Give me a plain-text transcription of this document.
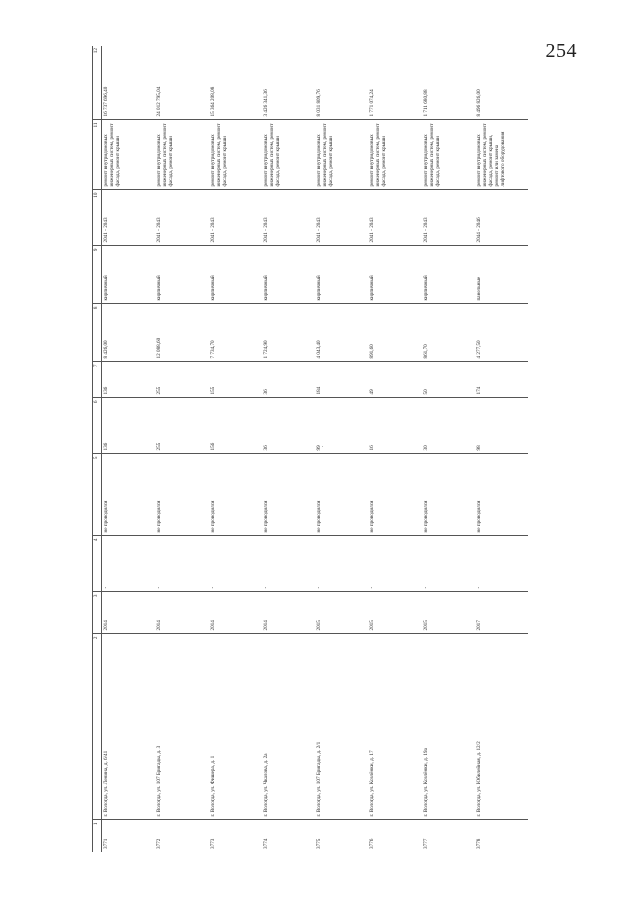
254
1	2	3	4	5	6	7	8	9	10	11	12
3771	г. Вологда, ул. Ленина, д. 6/41	2014	-	не проводился	136	136	8 426,00	кирпичный	2041 - 2043	ремонт внутридомовых инженерных систем, ремонт фасада, ремонт крыши	16 737 696,40
3772	г. Вологда, ул. 107 Бригады, д. 3	2014	-	не проводился	255	255	12 088,60	кирпичный	2041 - 2043	ремонт внутридомовых инженерных систем, ремонт фасада, ремонт крыши	24 012 795,04
3773	г. Вологда, ул. Фишера, д. 1	2014	-	не проводился	156	155	7 734,70	кирпичный	2041 - 2043	ремонт внутридомовых инженерных систем, ремонт фасада, ремонт крыши	15 364 208,08
3774	г. Вологда, ул. Чкалова, д. 2а	2014	-	не проводился	36	36	1 724,90	кирпичный	2041 - 2043	ремонт внутридомовых инженерных систем, ремонт фасада, ремонт крыши	3 426 341,36
3775	г. Вологда, ул. 107 Бригады, д. 2/1	2015	-	не проводился	99	184	4 043,40	кирпичный	2041 - 2043	ремонт внутридомовых инженерных систем, ремонт фасада, ремонт крыши	8 031 809,76
3776	г. Вологда, ул. Козлёнки, д. 17	2015	-	не проводился	16	49	891,60	кирпичный	2041 - 2043	ремонт внутридомовых инженерных систем, ремонт фасада, ремонт крыши	1 771 074,24
3777	г. Вологда, ул. Козлёнки, д. 19а	2015	-	не проводился	30	50	861,70	кирпичный	2041 - 2043	ремонт внутридомовых инженерных систем, ремонт фасада, ремонт крыши	1 711 680,88
3778	г. Вологда, ул. Юбилейная, д. 12/2	2017	-	не проводился	98	174	4 277,50	панельные	2044 - 2046	ремонт внутридомовых инженерных систем, ремонт фасада, ремонт крыши, ремонт или замена лифтового оборудования	8 496 826,00
